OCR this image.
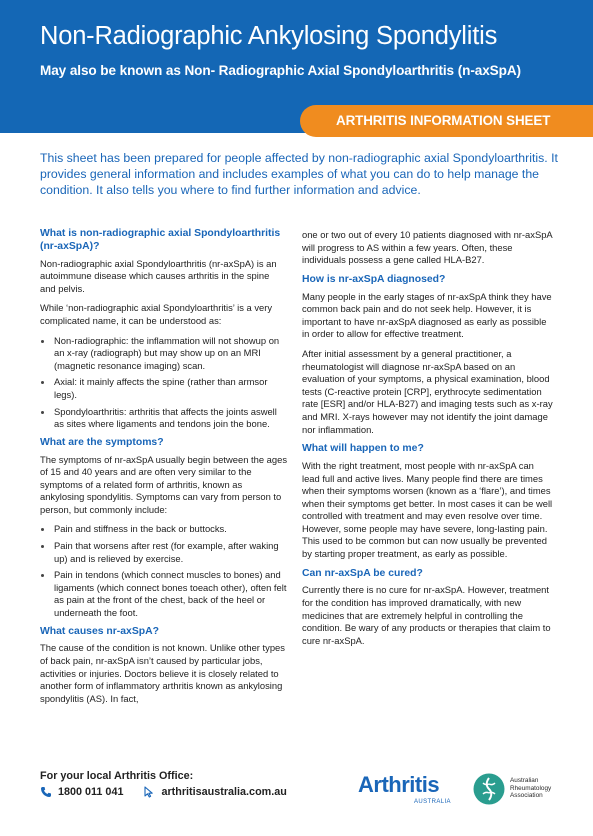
Non-Radiographic Ankylosing Spondylitis
May also be known as Non- Radiographic Axial Spondyloarthritis (n-axSpA)
ARTHRITIS INFORMATION SHEET

This sheet has been prepared for people affected by non-radiographic axial Spondyloarthritis. It provides general information and includes examples of what you can do to help manage the condition. It also tells you where to find further information and advice.

What is non-radiographic axial Spondyloarthritis (nr-axSpA)?

Non-radiographic axial Spondyloarthritis (nr-axSpA) is an autoimmune disease which causes arthritis in the spine and pelvis.

While ‘non-radiographic axial Spondyloarthritis’ is a very complicated name, it can be understood as:

Non-radiographic: the inflammation will not showup on an x-ray (radiograph) but may show up on an MRI (magnetic resonance imaging) scan.
Axial: it mainly affects the spine (rather than armsor legs).
Spondyloarthritis: arthritis that affects the joints aswell as sites where ligaments and tendons join the bone.
What are the symptoms?

The symptoms of nr-axSpA usually begin between the ages of 15 and 40 years and are often very similar to the symptoms of a related form of arthritis, known as ankylosing spondylitis. Symptoms can vary from person to person, but commonly include:

Pain and stiffness in the back or buttocks.
Pain that worsens after rest (for example, after waking up) and is relieved by exercise.
Pain in tendons (which connect muscles to bones) and ligaments (which connect bones toeach other), often felt as pain at the front of the chest, back of the heel or underneath the foot.
What causes nr-axSpA?

The cause of the condition is not known. Unlike other types of back pain, nr-axSpA isn’t caused by particular jobs, activities or injuries. Doctors believe it is closely related to another form of inflammatory arthritis known as ankylosing spondylitis (AS). In fact,

one or two out of every 10 patients diagnosed with nr-axSpA will progress to AS within a few years. Often, these individuals possess a gene called HLA-B27.

How is nr-axSpA diagnosed?

Many people in the early stages of nr-axSpA think they have common back pain and do not seek help. However, it is important to have nr-axSpA diagnosed as early as possible in order to allow for effective treatment.

After initial assessment by a general practitioner, a rheumatologist will diagnose nr-axSpA based on an evaluation of your symptoms, a physical examination, blood tests (C-reactive protein [CRP], erythrocyte sedimentation rate [ESR] and/or HLA-B27) and imaging tests such as x-ray and MRI. X-rays however may not identify the joint damage nor inflammation.

What will happen to me?

With the right treatment, most people with nr-axSpA can lead full and active lives. Many people find there are times when their symptoms worsen (known as a ‘flare’), and times when their symptoms get better. In most cases it can be well controlled with treatment and may even resolve over time. However, some people may have severe, long-lasting pain. This used to be common but can now usually be prevented by starting proper treatment, as early as possible.

Can nr-axSpA be cured?

Currently there is no cure for nr-axSpA. However, treatment for the condition has improved dramatically, with new medicines that are extremely helpful in controlling the condition. Be wary of any products or therapies that claim to cure nr-axSpA.

For your local Arthritis Office:
1800 011 041	arthritisaustralia.com.au	Arthritis
AUSTRALIA
Australian
Rheumatology
Association
